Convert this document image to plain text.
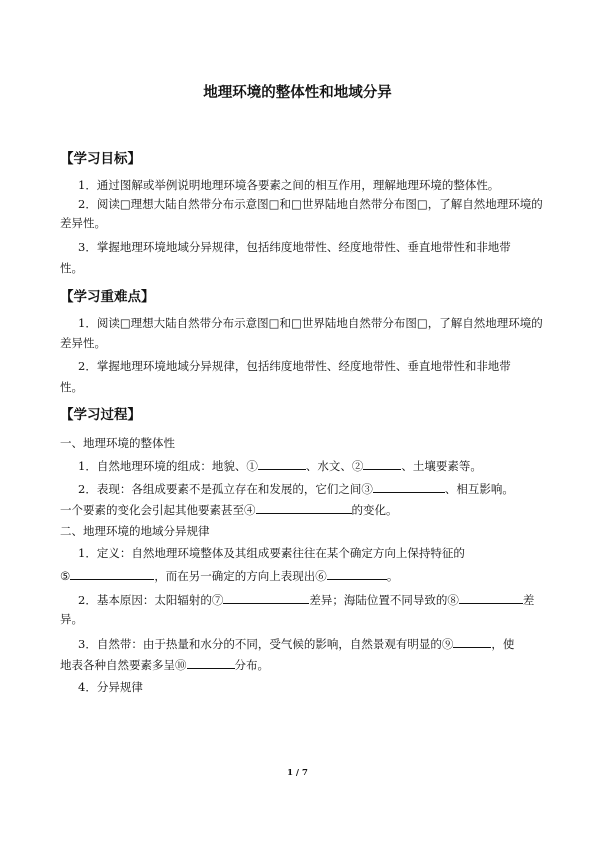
地理环境的整体性和地域分异
【学习目标】
1．通过图解或举例说明地理环境各要素之间的相互作用，理解地理环境的整体性。
2．阅读□理想大陆自然带分布示意图□和□世界陆地自然带分布图□，了解自然地理环境的
差异性。
3．掌握地理环境地域分异规律，包括纬度地带性、经度地带性、垂直地带性和非地带
性。
【学习重难点】
1．阅读□理想大陆自然带分布示意图□和□世界陆地自然带分布图□，了解自然地理环境的
差异性。
2．掌握地理环境地域分异规律，包括纬度地带性、经度地带性、垂直地带性和非地带
性。
【学习过程】
一、地理环境的整体性
1．自然地理环境的组成：地貌、①	、水文、②	、土壤要素等。
2．表现：各组成要素不是孤立存在和发展的，它们之间③	、相互影响。
一个要素的变化会引起其他要素甚至④	的变化。
二、地理环境的地域分异规律
1．定义：自然地理环境整体及其组成要素往往在某个确定方向上保持特征的
⑤	，而在另一确定的方向上表现出⑥	。
2．基本原因：太阳辐射的⑦	差异；海陆位置不同导致的⑧	差
异。
3．自然带：由于热量和水分的不同，受气候的影响，自然景观有明显的⑨	，使
地表各种自然要素多呈⑩	分布。
4．分异规律
1 / 7
